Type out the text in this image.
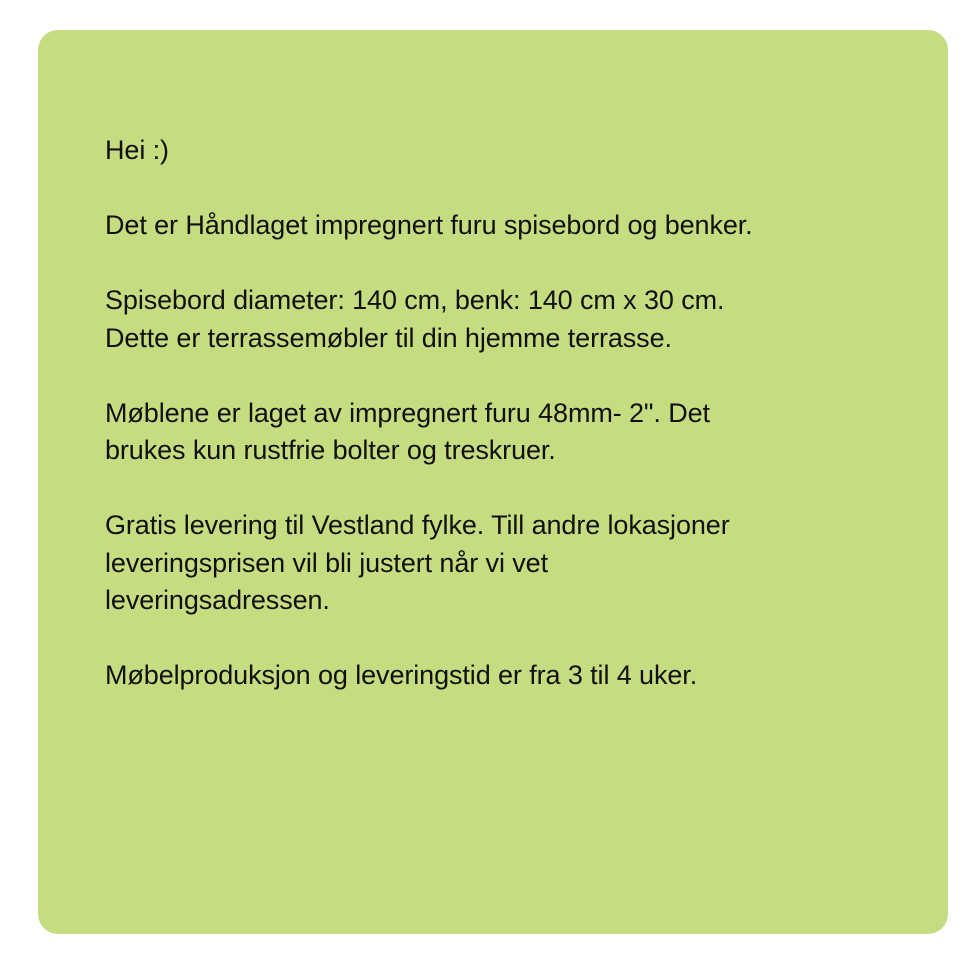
Hei :)

Det er Håndlaget impregnert furu spisebord og benker.

Spisebord diameter: 140 cm, benk: 140 cm x 30 cm.

Dette er terrassemøbler til din hjemme terrasse.

Møblene er laget av impregnert furu 48mm- 2". Det

brukes kun rustfrie bolter og treskruer.

Gratis levering til Vestland fylke. Till andre lokasjoner

leveringsprisen vil bli justert når vi vet

leveringsadressen.

Møbelproduksjon og leveringstid er fra 3 til 4 uker.
